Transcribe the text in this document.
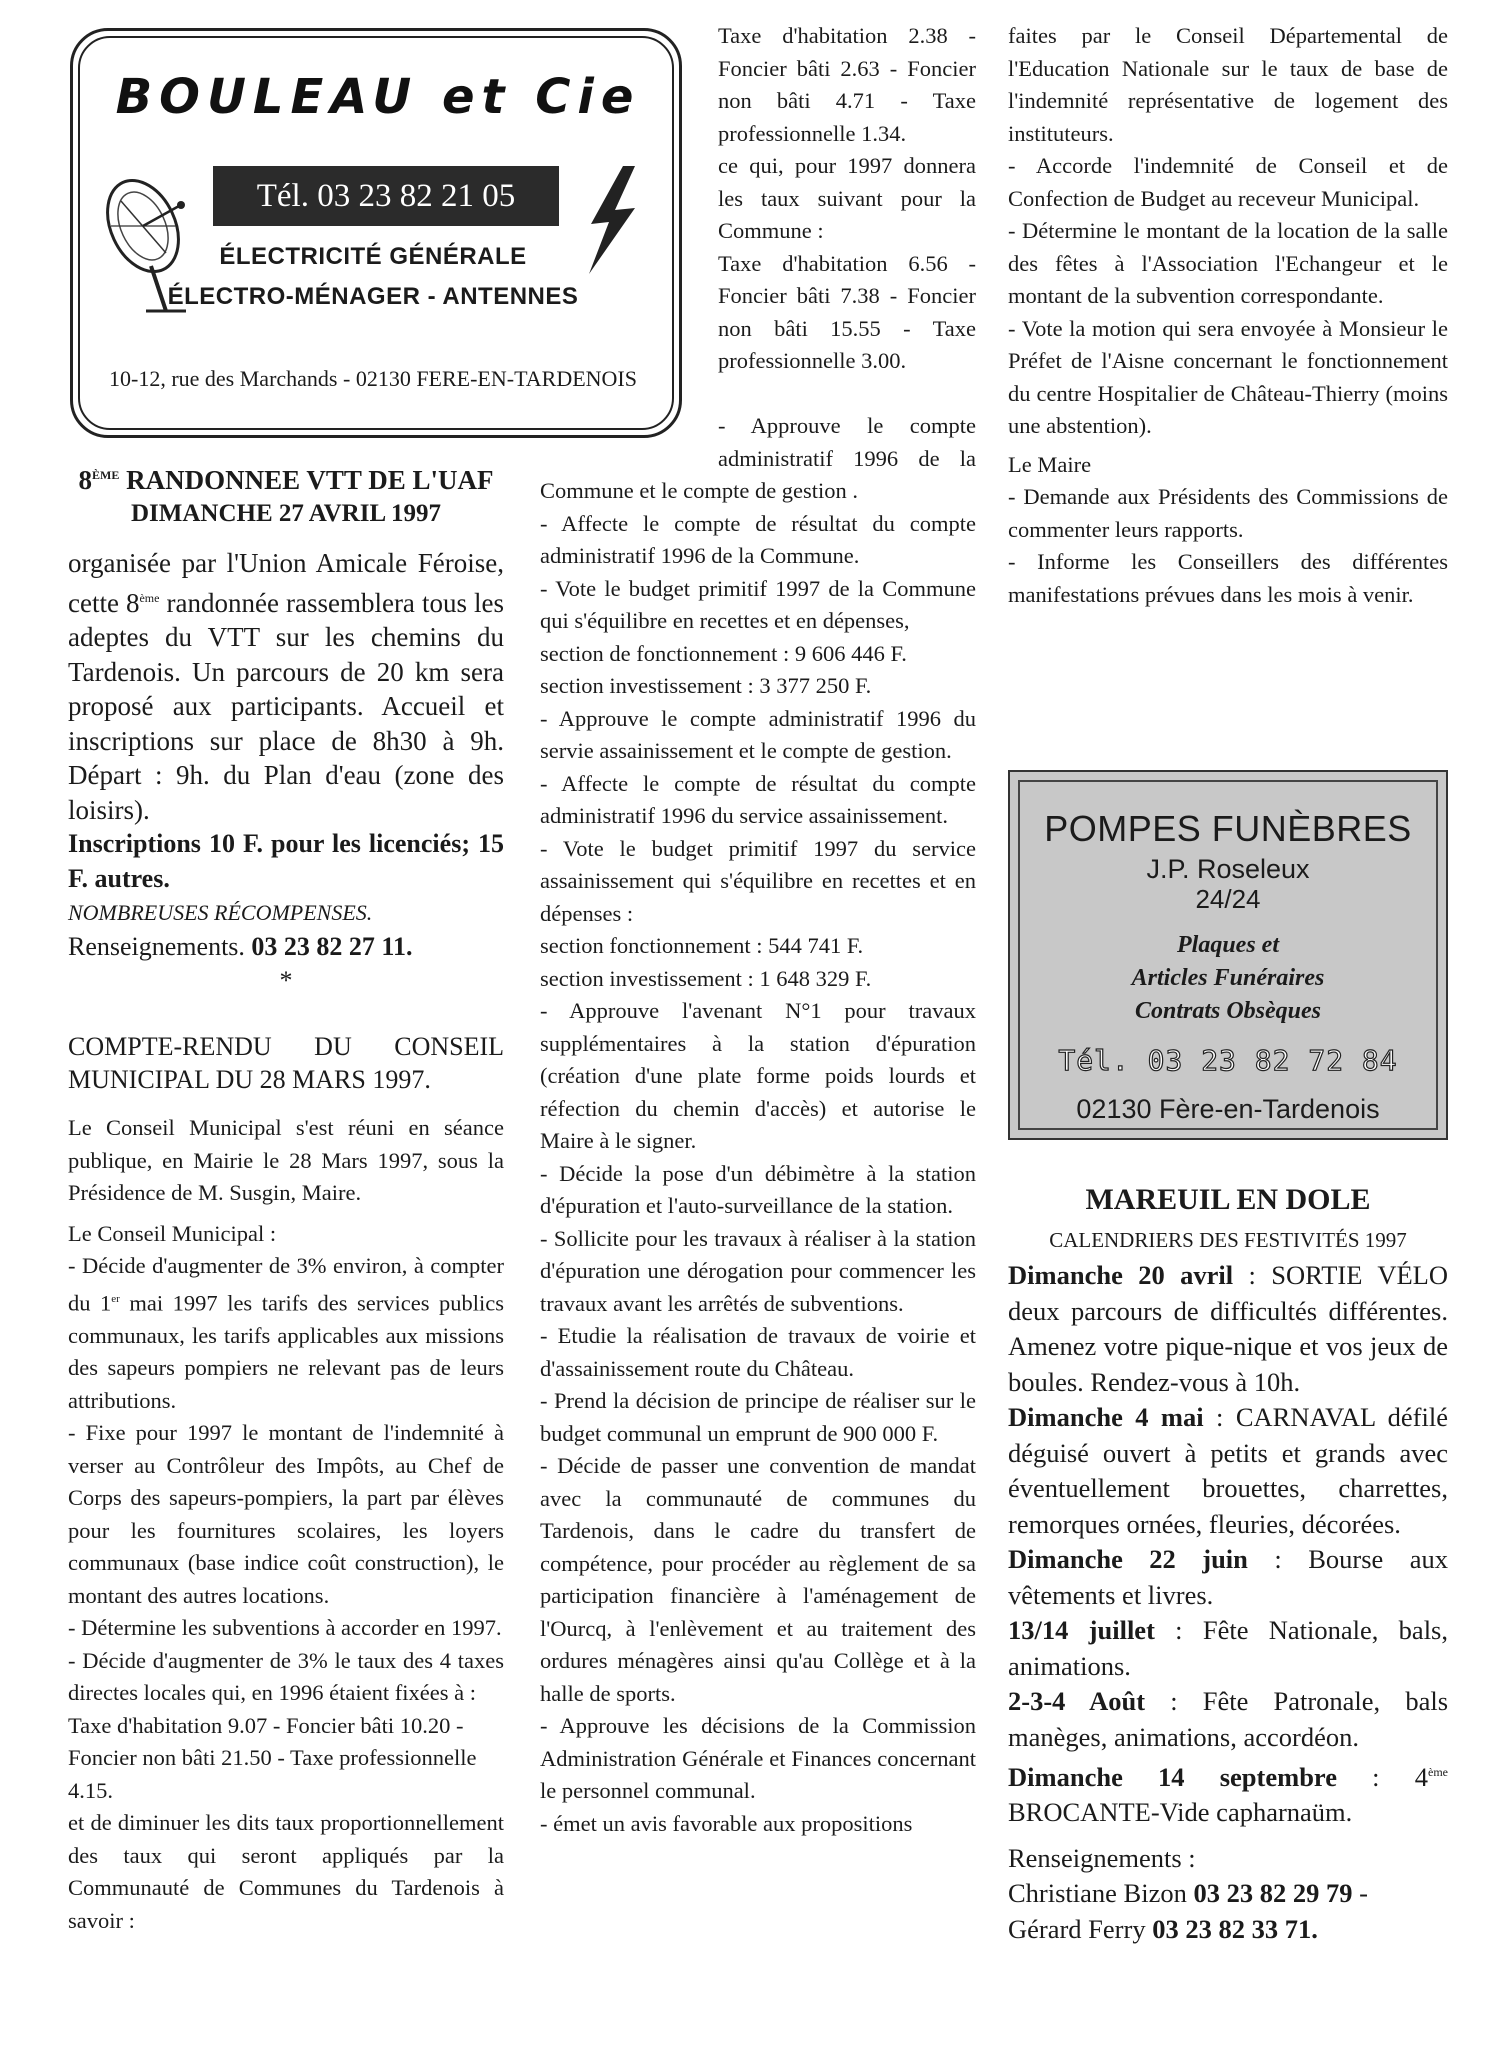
BOULEAU et Cie
Tél. 03 23 82 21 05
ÉLECTRICITÉ GÉNÉRALE
ÉLECTRO-MÉNAGER - ANTENNES
10-12, rue des Marchands - 02130 FERE-EN-TARDENOIS
8ÈME RANDONNEE VTT DE L'UAF
DIMANCHE 27 AVRIL 1997

organisée par l'Union Amicale Féroise, cette 8ème randonnée rassemblera tous les adeptes du VTT sur les chemins du Tardenois. Un parcours de 20 km sera proposé aux participants. Accueil et inscriptions sur place de 8h30 à 9h. Départ : 9h. du Plan d'eau (zone des loisirs).

Inscriptions 10 F. pour les licenciés; 15 F. autres.

NOMBREUSES RÉCOMPENSES.

Renseignements. 03 23 82 27 11.

*

COMPTE-RENDU DU CONSEIL

MUNICIPAL DU 28 MARS 1997.

Le Conseil Municipal s'est réuni en séance publique, en Mairie le 28 Mars 1997, sous la Présidence de M. Susgin, Maire.

Le Conseil Municipal :

- Décide d'augmenter de 3% environ, à compter du 1er mai 1997 les tarifs des services publics communaux, les tarifs applicables aux missions des sapeurs pompiers ne relevant pas de leurs attributions.

- Fixe pour 1997 le montant de l'indemnité à verser au Contrôleur des Impôts, au Chef de Corps des sapeurs-pompiers, la part par élèves pour les fournitures scolaires, les loyers communaux (base indice coût construction), le montant des autres locations.

- Détermine les subventions à accorder en 1997.

- Décide d'augmenter de 3% le taux des 4 taxes directes locales qui, en 1996 étaient fixées à :

Taxe d'habitation 9.07 - Foncier bâti 10.20 - Foncier non bâti 21.50 - Taxe professionnelle 4.15.

et de diminuer les dits taux proportionnellement des taux qui seront appliqués par la Communauté de Communes du Tardenois à savoir :

Taxe d'habitation 2.38 - Foncier bâti 2.63 - Foncier non bâti 4.71 - Taxe professionnelle 1.34.

ce qui, pour 1997 donnera les taux suivant pour la Commune :

Taxe d'habitation 6.56 - Foncier bâti 7.38 - Foncier non bâti 15.55 - Taxe professionnelle 3.00.

- Approuve le compte administratif 1996 de la Commune et le compte de gestion .

- Affecte le compte de résultat du compte administratif 1996 de la Commune.

- Vote le budget primitif 1997 de la Commune qui s'équilibre en recettes et en dépenses,

section de fonctionnement : 9 606 446 F.

section investissement : 3 377 250 F.

- Approuve le compte administratif 1996 du servie assainissement et le compte de gestion.

- Affecte le compte de résultat du compte administratif 1996 du service assainissement.

- Vote le budget primitif 1997 du service assainissement qui s'équilibre en recettes et en dépenses :

section fonctionnement : 544 741 F.

section investissement : 1 648 329 F.

- Approuve l'avenant N°1 pour travaux supplémentaires à la station d'épuration (création d'une plate forme poids lourds et réfection du chemin d'accès) et autorise le Maire à le signer.

- Décide la pose d'un débimètre à la station d'épuration et l'auto-surveillance de la station.

- Sollicite pour les travaux à réaliser à la station d'épuration une dérogation pour commencer les travaux avant les arrêtés de subventions.

- Etudie la réalisation de travaux de voirie et d'assainissement route du Château.

- Prend la décision de principe de réaliser sur le budget communal un emprunt de 900 000 F.

- Décide de passer une convention de mandat avec la communauté de communes du Tardenois, dans le cadre du transfert de compétence, pour procéder au règlement de sa participation financière à l'aménagement de l'Ourcq, à l'enlèvement et au traitement des ordures ménagères ainsi qu'au Collège et à la halle de sports.

- Approuve les décisions de la Commission Administration Générale et Finances concernant le personnel communal.

- émet un avis favorable aux propositions

faites par le Conseil Départemental de l'Education Nationale sur le taux de base de l'indemnité représentative de logement des instituteurs.

- Accorde l'indemnité de Conseil et de Confection de Budget au receveur Municipal.

- Détermine le montant de la location de la salle des fêtes à l'Association l'Echangeur et le montant de la subvention correspondante.

- Vote la motion qui sera envoyée à Monsieur le Préfet de l'Aisne concernant le fonctionnement du centre Hospitalier de Château-Thierry (moins une abstention).

Le Maire

- Demande aux Présidents des Commissions de commenter leurs rapports.

- Informe les Conseillers des différentes manifestations prévues dans les mois à venir.

POMPES FUNÈBRES
J.P. Roseleux
24/24
Plaques et
Articles Funéraires
Contrats Obsèques
Tél. 03 23 82 72 84
02130 Fère-en-Tardenois

MAREUIL EN DOLE

CALENDRIERS DES FESTIVITÉS 1997

Dimanche 20 avril : SORTIE VÉLO deux parcours de difficultés différentes. Amenez votre pique-nique et vos jeux de boules. Rendez-vous à 10h.

Dimanche 4 mai : CARNAVAL défilé déguisé ouvert à petits et grands avec éventuellement brouettes, charrettes, remorques ornées, fleuries, décorées.

Dimanche 22 juin : Bourse aux vêtements et livres.

13/14 juillet : Fête Nationale, bals, animations.

2-3-4 Août : Fête Patronale, bals manèges, animations, accordéon.

Dimanche 14 septembre : 4ème BROCANTE-Vide capharnaüm.

Renseignements :

Christiane Bizon 03 23 82 29 79 -

Gérard Ferry 03 23 82 33 71.
